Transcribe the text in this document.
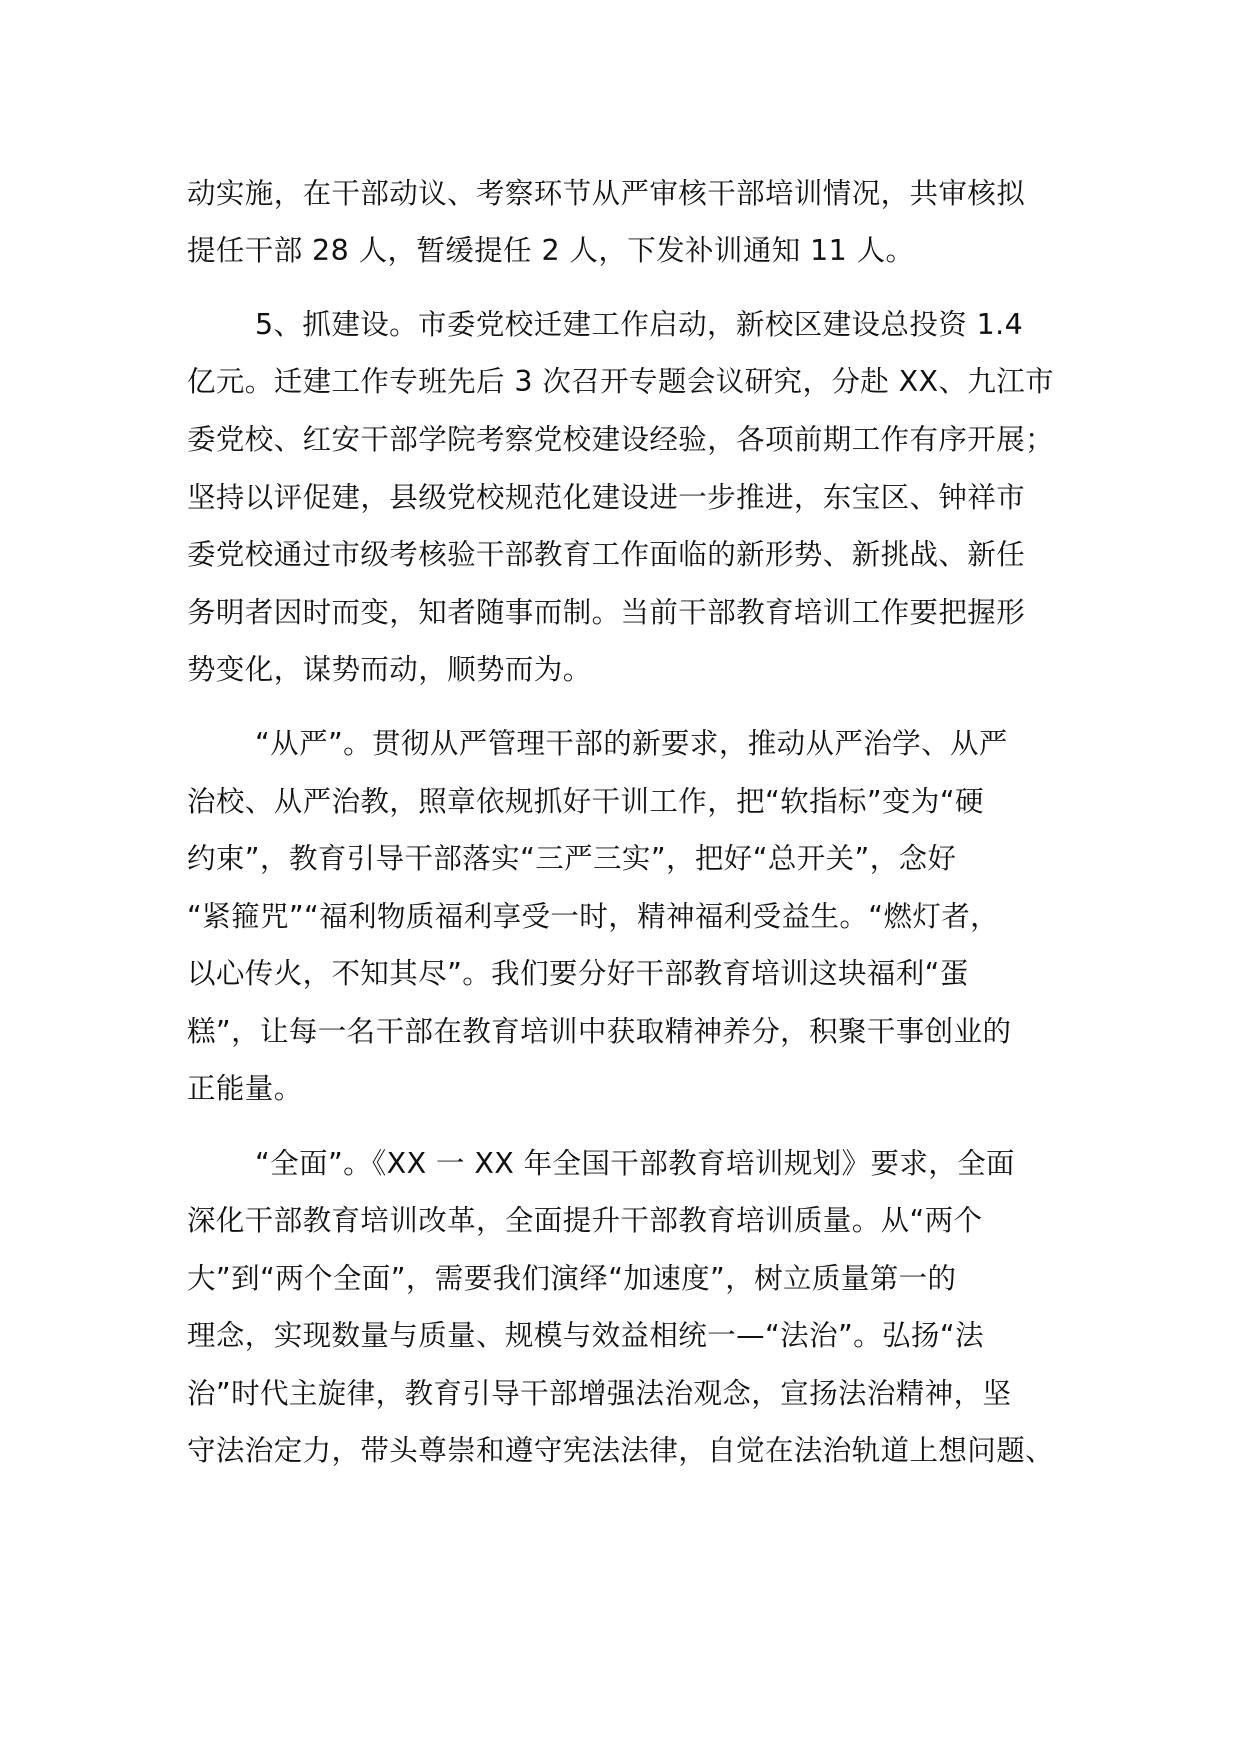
动实施，在干部动议、考察环节从严审核干部培训情况，共审核拟
提任干部 28 人，暂缓提任 2 人，下发补训通知 11 人。
5、抓建设。市委党校迁建工作启动，新校区建设总投资 1.4
亿元。迁建工作专班先后 3 次召开专题会议研究，分赴 XX、九江市
委党校、红安干部学院考察党校建设经验，各项前期工作有序开展；
坚持以评促建，县级党校规范化建设进一步推进，东宝区、钟祥市
委党校通过市级考核验干部教育工作面临的新形势、新挑战、新任
务明者因时而变，知者随事而制。当前干部教育培训工作要把握形
势变化，谋势而动，顺势而为。
“从严”。贯彻从严管理干部的新要求，推动从严治学、从严
治校、从严治教，照章依规抓好干训工作，把“软指标”变为“硬
约束”，教育引导干部落实“三严三实”，把好“总开关”，念好
“紧箍咒”“福利物质福利享受一时，精神福利受益生。“燃灯者，
以心传火，不知其尽”。我们要分好干部教育培训这块福利“蛋
糕”，让每一名干部在教育培训中获取精神养分，积聚干事创业的
正能量。
“全面”。《XX 一 XX 年全国干部教育培训规划》要求，全面
深化干部教育培训改革，全面提升干部教育培训质量。从“两个
大”到“两个全面”，需要我们演绎“加速度”，树立质量第一的
理念，实现数量与质量、规模与效益相统一—“法治”。弘扬“法
治”时代主旋律，教育引导干部增强法治观念，宣扬法治精神，坚
守法治定力，带头尊崇和遵守宪法法律，自觉在法治轨道上想问题、
